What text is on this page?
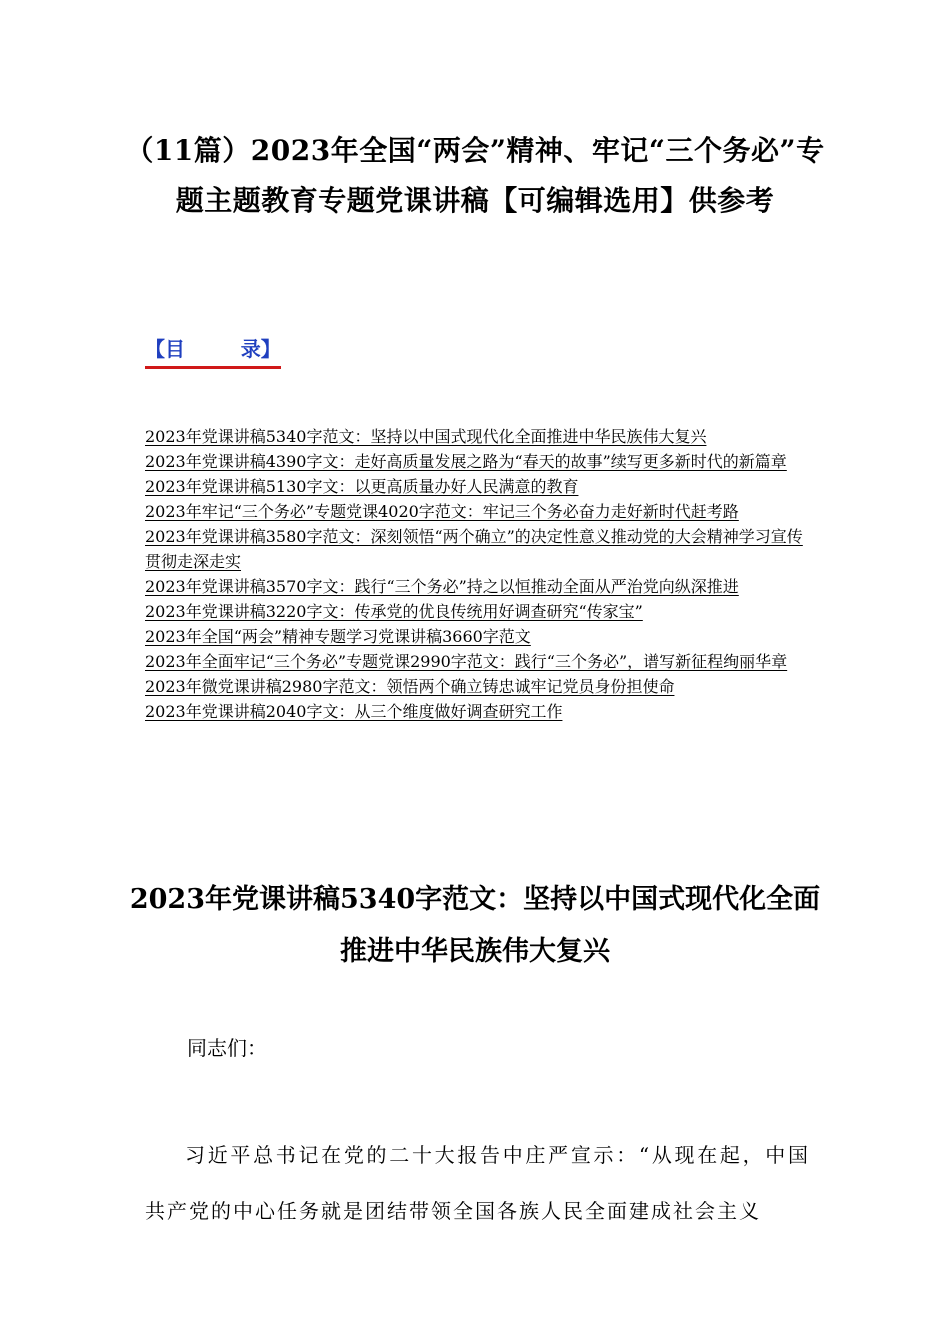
（11篇）2023年全国“两会”精神、牢记“三个务必”专题主题教育专题党课讲稿【可编辑选用】供参考
【目        录】
2023年党课讲稿5340字范文：坚持以中国式现代化全面推进中华民族伟大复兴
2023年党课讲稿4390字文：走好高质量发展之路为“春天的故事”续写更多新时代的新篇章
2023年党课讲稿5130字文：以更高质量办好人民满意的教育
2023年牢记“三个务必”专题党课4020字范文：牢记三个务必奋力走好新时代赶考路
2023年党课讲稿3580字范文：深刻领悟“两个确立”的决定性意义推动党的大会精神学习宣传贯彻走深走实
2023年党课讲稿3570字文：践行“三个务必”持之以恒推动全面从严治党向纵深推进
2023年党课讲稿3220字文：传承党的优良传统用好调查研究“传家宝”
2023年全国“两会”精神专题学习党课讲稿3660字范文
2023年全面牢记“三个务必”专题党课2990字范文：践行“三个务必”，谱写新征程绚丽华章
2023年微党课讲稿2980字范文：领悟两个确立铸忠诚牢记党员身份担使命
2023年党课讲稿2040字文：从三个维度做好调查研究工作
2023年党课讲稿5340字范文：坚持以中国式现代化全面推进中华民族伟大复兴

同志们：

习近平总书记在党的二十大报告中庄严宣示：“从现在起，中国共产党的中心任务就是团结带领全国各族人民全面建成社会主义
